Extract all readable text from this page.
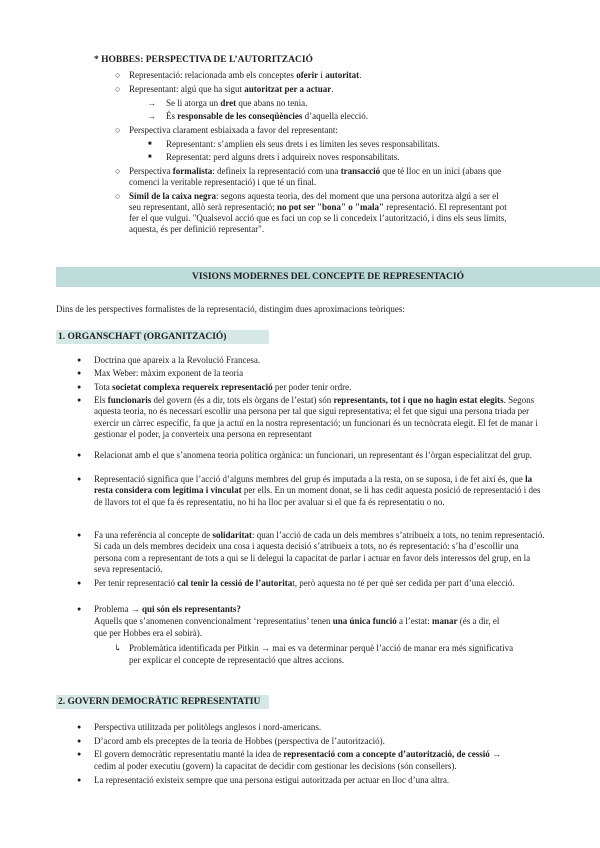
* HOBBES: PERSPECTIVA DE L’AUTORITZACIÓ
○ Representació: relacionada amb els conceptes oferir i autoritat.
○ Representant: algú que ha sigut autoritzat per a actuar.
→ Se li atorga un dret que abans no tenia.
→ És responsable de les conseqüències d’aquella elecció.
○ Perspectiva clarament esbiaixada a favor del representant:
■ Representant: s’amplien els seus drets i es limiten les seves responsabilitats.
■ Representat: perd alguns drets i adquireix noves responsabilitats.
○ Perspectiva formalista: defineix la representació com una transacció que té lloc en un inici (abans que
comenci la veritable representació) i que té un final.
○ Símil de la caixa negra: segons aquesta teoria, des del moment que una persona autoritza algú a ser el
seu representant, allò serà representació; no pot ser "bona" o "mala" representació. El representant pot
fer el que vulgui. "Qualsevol acció que es faci un cop se li concedeix l’autorització, i dins els seus límits,
aquesta, és per definició representar".
VISIONS MODERNES DEL CONCEPTE DE REPRESENTACIÓ
Dins de les perspectives formalistes de la representació, distingim dues aproximacions teòriques:
1. ORGANSCHAFT (ORGANITZACIÓ)
● Doctrina que apareix a la Revolució Francesa.
● Max Weber: màxim exponent de la teoria
● Tota societat complexa requereix representació per poder tenir ordre.
● Els funcionaris del govern (és a dir, tots els òrgans de l’estat) són representants, tot i que no hagin estat elegits. Segons aquesta teoria, no és necessari escollir una persona per tal que sigui representativa; el fet que sigui una persona triada per exercir un càrrec específic, fa que ja actuï en la nostra representació; un funcionari és un tecnòcrata elegit. El fet de manar i gestionar el poder, ja converteix una persona en representant
● Relacionat amb el que s’anomena teoria política orgànica: un funcionari, un representant és l’òrgan especialitzat del grup.
● Representació significa que l’acció d’alguns membres del grup és imputada a la resta, on se suposa, i de fet així és, que la resta considera com legítima i vinculat per ells. En un moment donat, se li has cedit aquesta posició de representació i des de llavors tot el que fa és representatiu, no hi ha lloc per avaluar si el que fa és representatiu o no.
● Fa una referència al concepte de solidaritat: quan l’acció de cada un dels membres s’atribueix a tots, no tenim representació. Si cada un dels membres decideix una cosa i aquesta decisió s’atribueix a tots, no és representació: s’ha d’escollir una persona com a representant de tots a qui se li delegui la capacitat de parlar i actuar en favor dels interessos del grup, en la seva representació.
● Per tenir representació cal tenir la cessió de l’autoritat, però aquesta no té per què ser cedida per part d’una elecció.
● Problema → qui són els representants?
Aquells que s’anomenen convencionalment ‘representatius’ tenen una única funció a l’estat: manar (és a dir, el
que per Hobbes era el sobirà).
↳ Problemàtica identificada per Pitkin → mai es va determinar perquè l’acció de manar era més significativa
per explicar el concepte de representació que altres accions.
2. GOVERN DEMOCRÀTIC REPRESENTATIU
● Perspectiva utilitzada per politòlegs anglesos i nord-americans.
● D’acord amb els preceptes de la teoria de Hobbes (perspectiva de l’autorització).
● El govern democràtic representatiu manté la idea de representació com a concepte d’autorització, de cessió →
cedim al poder executiu (govern) la capacitat de decidir com gestionar les decisions (són consellers).
● La representació existeix sempre que una persona estigui autoritzada per actuar en lloc d’una altra.
